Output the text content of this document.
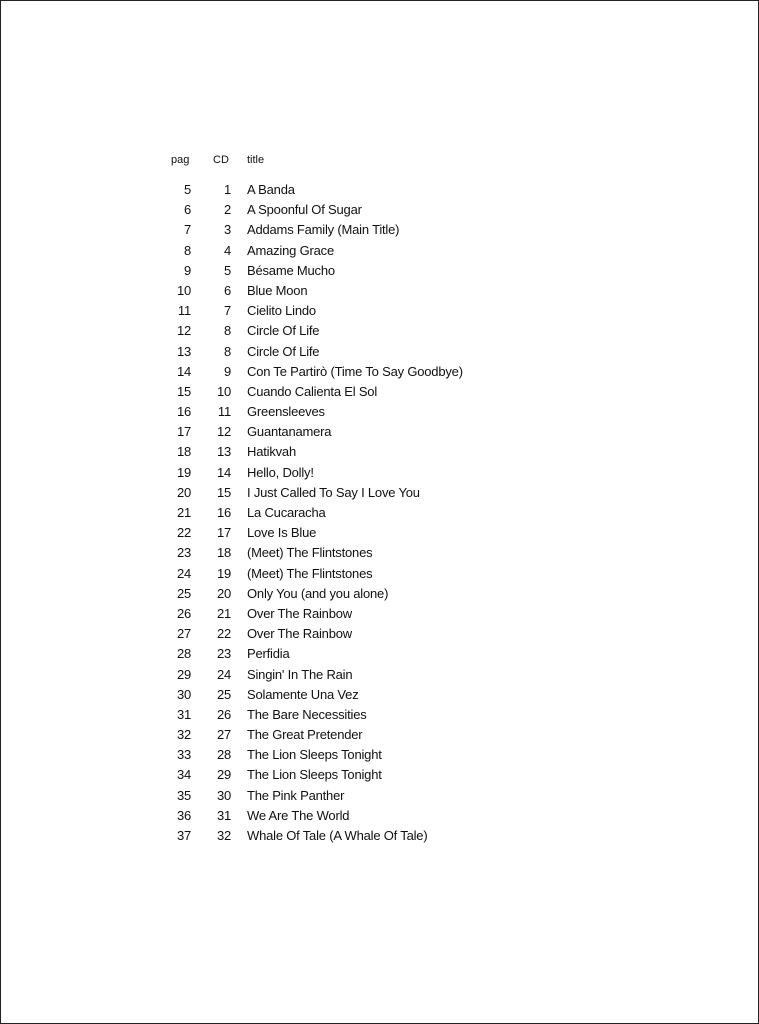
pag	CD	title
5	1	A Banda
6	2	A Spoonful Of Sugar
7	3	Addams Family (Main Title)
8	4	Amazing Grace
9	5	Bésame Mucho
10	6	Blue Moon
11	7	Cielito Lindo
12	8	Circle Of Life
13	8	Circle Of Life
14	9	Con Te Partirò (Time To Say Goodbye)
15	10	Cuando Calienta El Sol
16	11	Greensleeves
17	12	Guantanamera
18	13	Hatikvah
19	14	Hello, Dolly!
20	15	I Just Called To Say I Love You
21	16	La Cucaracha
22	17	Love Is Blue
23	18	(Meet) The Flintstones
24	19	(Meet) The Flintstones
25	20	Only You (and you alone)
26	21	Over The Rainbow
27	22	Over The Rainbow
28	23	Perfidia
29	24	Singin' In The Rain
30	25	Solamente Una Vez
31	26	The Bare Necessities
32	27	The Great Pretender
33	28	The Lion Sleeps Tonight
34	29	The Lion Sleeps Tonight
35	30	The Pink Panther
36	31	We Are The World
37	32	Whale Of Tale (A Whale Of Tale)
